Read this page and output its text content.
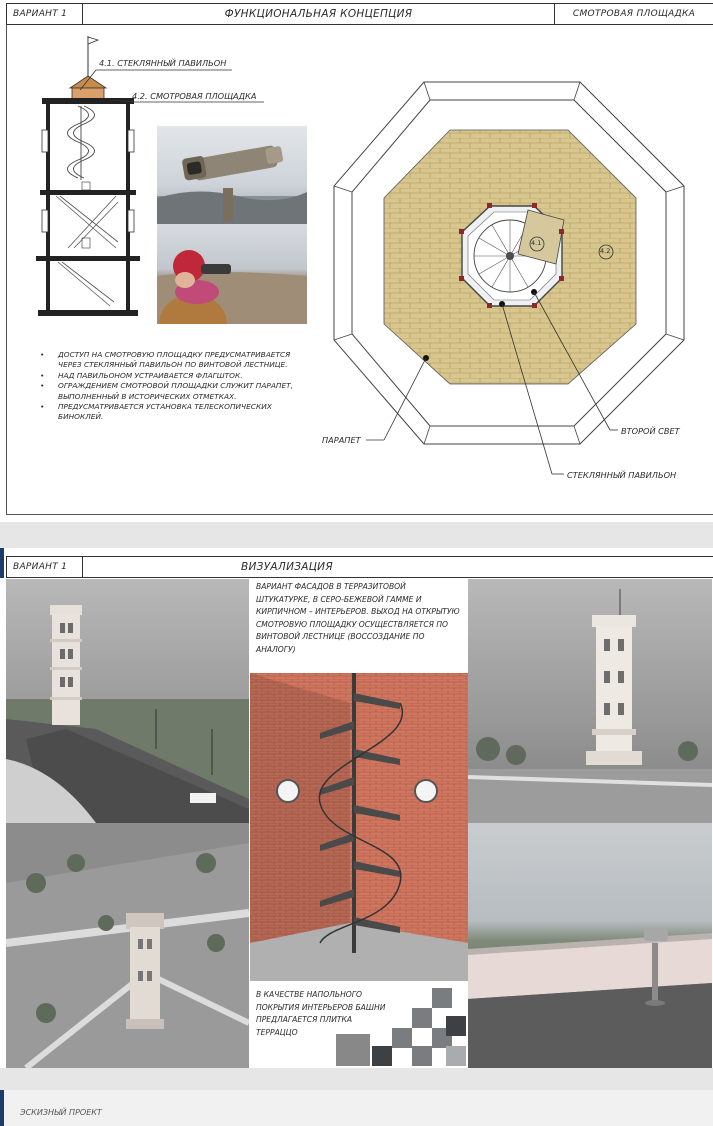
ВАРИАНТ 1	ФУНКЦИОНАЛЬНАЯ КОНЦЕПЦИЯ	СМОТРОВАЯ ПЛОЩАДКА
4.1. СТЕКЛЯННЫЙ ПАВИЛЬОН
4.2. СМОТРОВАЯ ПЛОЩАДКА
• ДОСТУП НА СМОТРОВУЮ ПЛОЩАДКУ ПРЕДУСМАТРИВАЕТСЯ ЧЕРЕЗ СТЕКЛЯННЫЙ ПАВИЛЬОН ПО ВИНТОВОЙ ЛЕСТНИЦЕ.
• НАД ПАВИЛЬОНОМ УСТРАИВАЕТСЯ ФЛАГШТОК.
• ОГРАЖДЕНИЕМ СМОТРОВОЙ ПЛОЩАДКИ СЛУЖИТ ПАРАПЕТ, ВЫПОЛНЕННЫЙ В ИСТОРИЧЕСКИХ ОТМЕТКАХ.
• ПРЕДУСМАТРИВАЕТСЯ УСТАНОВКА ТЕЛЕСКОПИЧЕСКИХ БИНОКЛЕЙ.
4.1
4.2
ПАРАПЕТ
ВТОРОЙ СВЕТ
СТЕКЛЯННЫЙ ПАВИЛЬОН
ВАРИАНТ 1	ВИЗУАЛИЗАЦИЯ
ВАРИАНТ ФАСАДОВ В ТЕРРАЗИТОВОЙ ШТУКАТУРКЕ, В СЕРО-БЕЖЕВОЙ ГАММЕ И КИРПИЧНОМ – ИНТЕРЬЕРОВ. ВЫХОД НА ОТКРЫТУЮ СМОТРОВУЮ ПЛОЩАДКУ ОСУЩЕСТВЛЯЕТСЯ ПО ВИНТОВОЙ ЛЕСТНИЦЕ (ВОССОЗДАНИЕ ПО АНАЛОГУ)
В КАЧЕСТВЕ НАПОЛЬНОГО ПОКРЫТИЯ ИНТЕРЬЕРОВ БАШНИ ПРЕДЛАГАЕТСЯ ПЛИТКА ТЕРРАЦЦО
ЭСКИЗНЫЙ ПРОЕКТ
